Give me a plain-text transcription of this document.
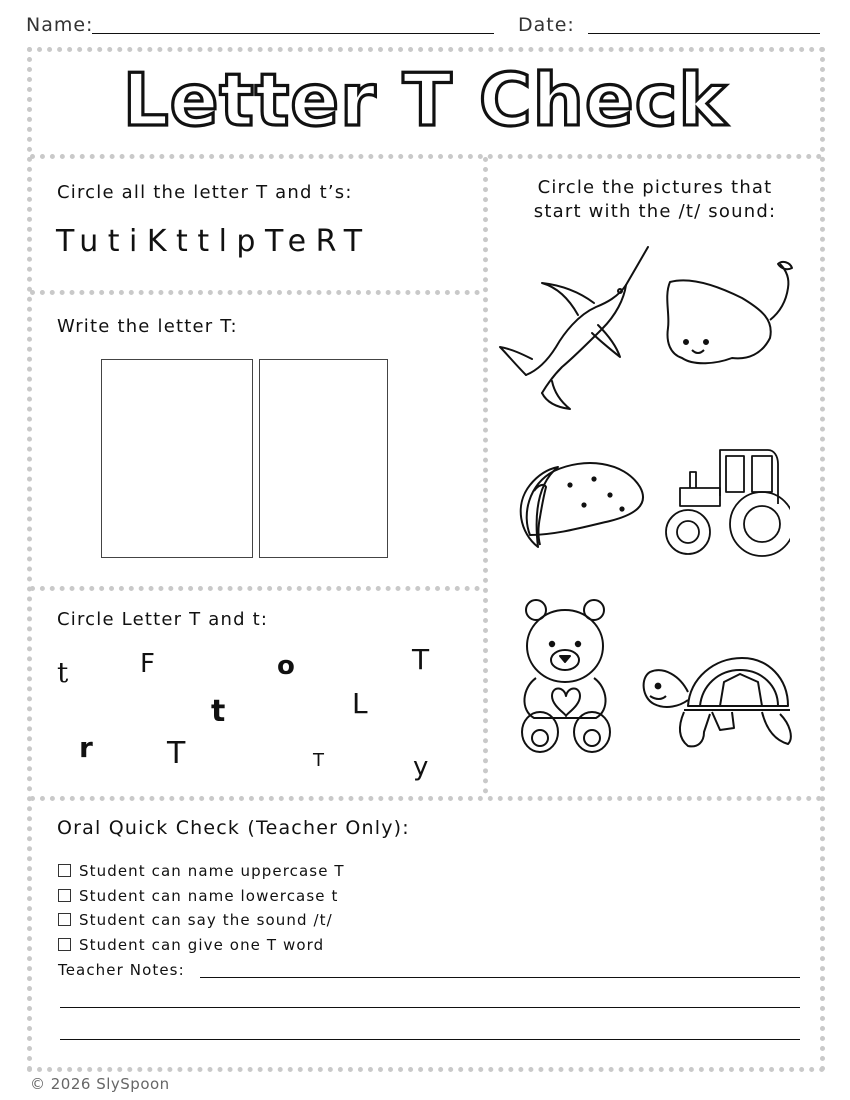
Name:	Date:
Letter T Check
Circle all the letter T and t’s:
TutiKttlpTeRT
Write the letter T:
Circle Letter T and t:
t	F	o	T
t	L
r T	T	y
Circle the pictures that
start with the /t/ sound:
Oral Quick Check (Teacher Only):
Student can name uppercase T
Student can name lowercase t
Student can say the sound /t/
Student can give one T word
Teacher Notes:
© 2026 SlySpoon
